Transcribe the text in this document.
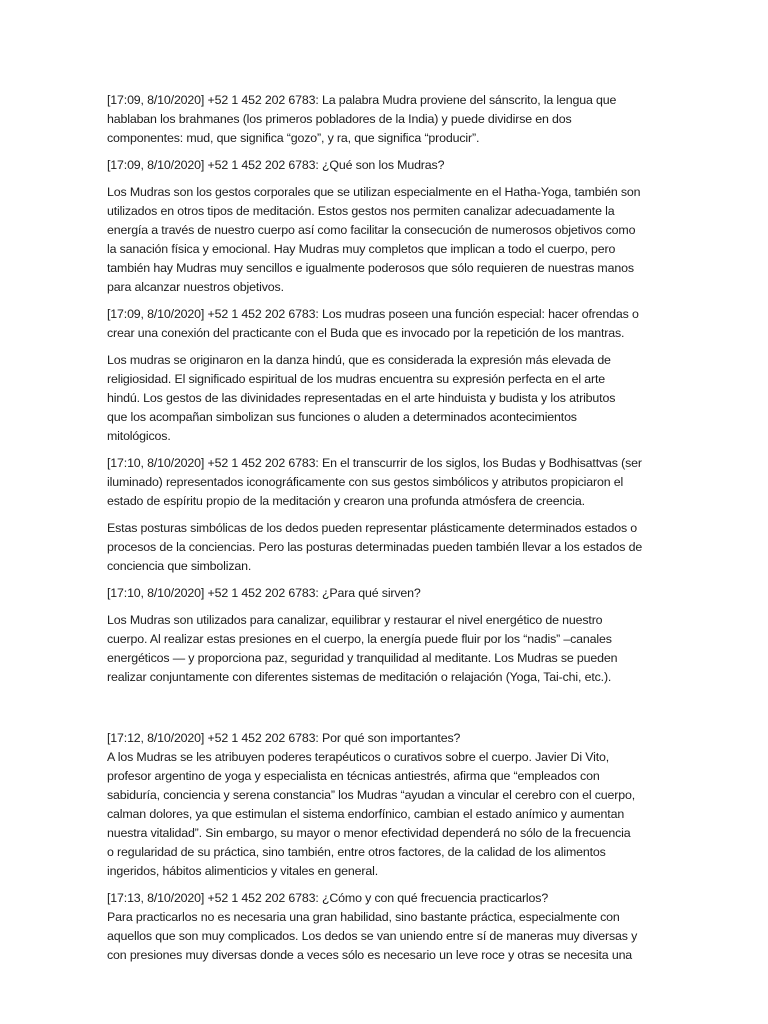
[17:09, 8/10/2020] +52 1 452 202 6783: La palabra Mudra proviene del sánscrito, la lengua que
hablaban los brahmanes (los primeros pobladores de la India) y puede dividirse en dos
componentes: mud, que significa “gozo”, y ra, que significa “producir”.
[17:09, 8/10/2020] +52 1 452 202 6783: ¿Qué son los Mudras?
Los Mudras son los gestos corporales que se utilizan especialmente en el Hatha-Yoga, también son
utilizados en otros tipos de meditación. Estos gestos nos permiten canalizar adecuadamente la
energía a través de nuestro cuerpo así como facilitar la consecución de numerosos objetivos como
la sanación física y emocional. Hay Mudras muy completos que implican a todo el cuerpo, pero
también hay Mudras muy sencillos e igualmente poderosos que sólo requieren de nuestras manos
para alcanzar nuestros objetivos.
[17:09, 8/10/2020] +52 1 452 202 6783: Los mudras poseen una función especial: hacer ofrendas o
crear una conexión del practicante con el Buda que es invocado por la repetición de los mantras.
Los mudras se originaron en la danza hindú, que es considerada la expresión más elevada de
religiosidad. El significado espiritual de los mudras encuentra su expresión perfecta en el arte
hindú. Los gestos de las divinidades representadas en el arte hinduista y budista y los atributos
que los acompañan simbolizan sus funciones o aluden a determinados acontecimientos
mitológicos.
[17:10, 8/10/2020] +52 1 452 202 6783: En el transcurrir de los siglos, los Budas y Bodhisattvas (ser
iluminado) representados iconográficamente con sus gestos simbólicos y atributos propiciaron el
estado de espíritu propio de la meditación y crearon una profunda atmósfera de creencia.
Estas posturas simbólicas de los dedos pueden representar plásticamente determinados estados o
procesos de la conciencias. Pero las posturas determinadas pueden también llevar a los estados de
conciencia que simbolizan.
[17:10, 8/10/2020] +52 1 452 202 6783: ¿Para qué sirven?
Los Mudras son utilizados para canalizar, equilibrar y restaurar el nivel energético de nuestro
cuerpo. Al realizar estas presiones en el cuerpo, la energía puede fluir por los “nadis” –canales
energéticos — y proporciona paz, seguridad y tranquilidad al meditante. Los Mudras se pueden
realizar conjuntamente con diferentes sistemas de meditación o relajación (Yoga, Tai-chi, etc.).
[17:12, 8/10/2020] +52 1 452 202 6783: Por qué son importantes?
A los Mudras se les atribuyen poderes terapéuticos o curativos sobre el cuerpo. Javier Di Vito,
profesor argentino de yoga y especialista en técnicas antiestrés, afirma que “empleados con
sabiduría, conciencia y serena constancia” los Mudras “ayudan a vincular el cerebro con el cuerpo,
calman dolores, ya que estimulan el sistema endorfínico, cambian el estado anímico y aumentan
nuestra vitalidad”. Sin embargo, su mayor o menor efectividad dependerá no sólo de la frecuencia
o regularidad de su práctica, sino también, entre otros factores, de la calidad de los alimentos
ingeridos, hábitos alimenticios y vitales en general.
[17:13, 8/10/2020] +52 1 452 202 6783: ¿Cómo y con qué frecuencia practicarlos?
Para practicarlos no es necesaria una gran habilidad, sino bastante práctica, especialmente con
aquellos que son muy complicados. Los dedos se van uniendo entre sí de maneras muy diversas y
con presiones muy diversas donde a veces sólo es necesario un leve roce y otras se necesita una
